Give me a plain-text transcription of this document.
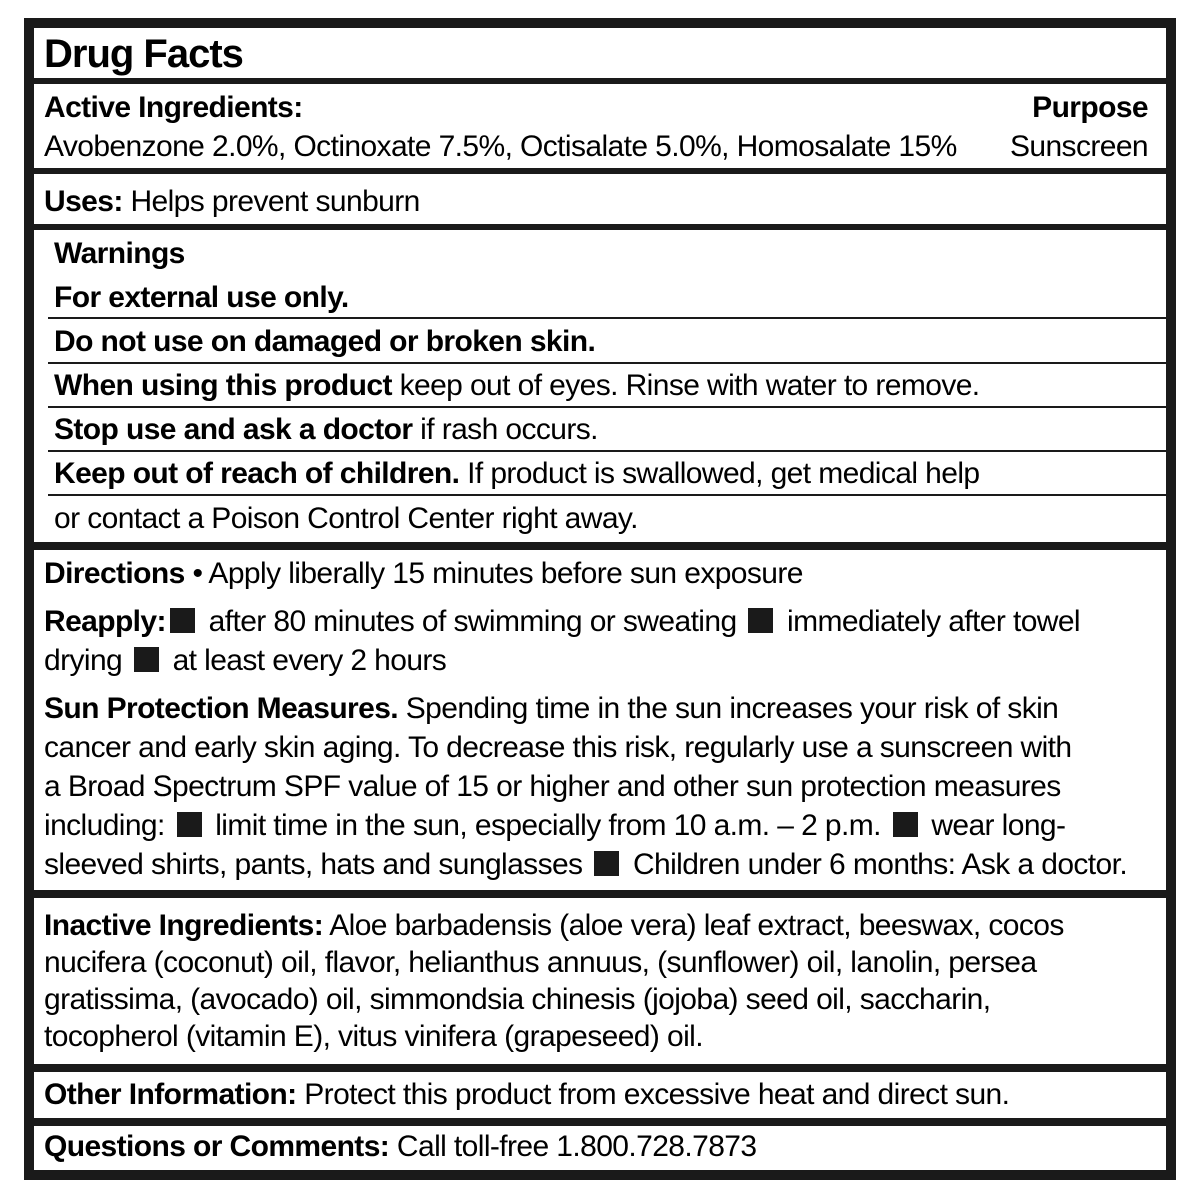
Drug Facts
Active Ingredients:	Purpose
Avobenzone 2.0%, Octinoxate 7.5%, Octisalate 5.0%, Homosalate 15% Sunscreen
Uses: Helps prevent sunburn
Warnings
For external use only.
Do not use on damaged or broken skin.
When using this product keep out of eyes. Rinse with water to remove.
Stop use and ask a doctor if rash occurs.
Keep out of reach of children. If product is swallowed, get medical help
or contact a Poison Control Center right away.
Directions • Apply liberally 15 minutes before sun exposure
Reapply: after 80 minutes of swimming or sweating  immediately after towel
drying  at least every 2 hours
Sun Protection Measures. Spending time in the sun increases your risk of skin
cancer and early skin aging. To decrease this risk, regularly use a sunscreen with
a Broad Spectrum SPF value of 15 or higher and other sun protection measures
including:  limit time in the sun, especially from 10 a.m. – 2 p.m.  wear long-
sleeved shirts, pants, hats and sunglasses  Children under 6 months: Ask a doctor.
Inactive Ingredients: Aloe barbadensis (aloe vera) leaf extract, beeswax, cocos
nucifera (coconut) oil, flavor, helianthus annuus, (sunflower) oil, lanolin, persea
gratissima, (avocado) oil, simmondsia chinesis (jojoba) seed oil, saccharin,
tocopherol (vitamin E), vitus vinifera (grapeseed) oil.
Other Information: Protect this product from excessive heat and direct sun.
Questions or Comments: Call toll-free 1.800.728.7873
